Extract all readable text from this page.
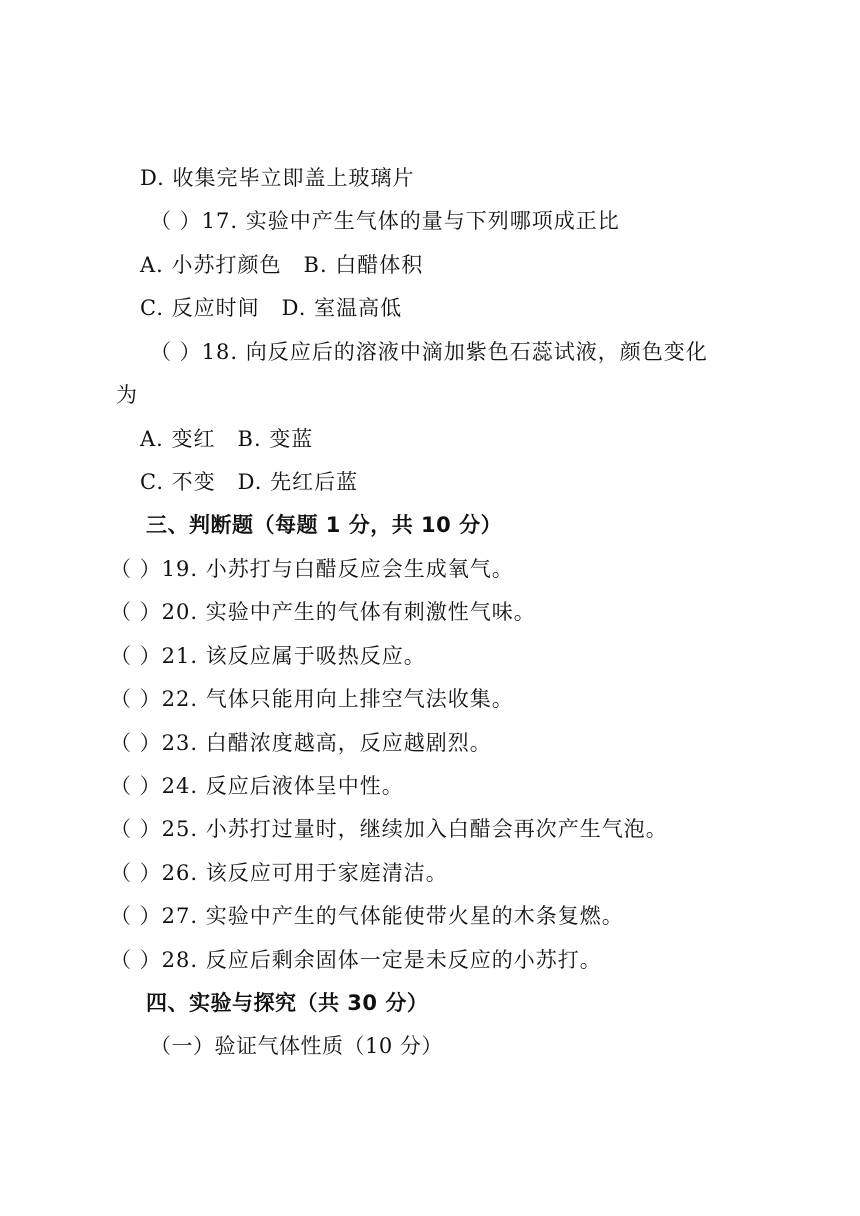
D. 收集完毕立即盖上玻璃片
（ ）17. 实验中产生气体的量与下列哪项成正比
A. 小苏打颜色　B. 白醋体积
C. 反应时间　D. 室温高低
（ ）18. 向反应后的溶液中滴加紫色石蕊试液，颜色变化
为
A. 变红　B. 变蓝
C. 不变　D. 先红后蓝
三、判断题（每题 1 分，共 10 分）
（ ）19. 小苏打与白醋反应会生成氧气。
（ ）20. 实验中产生的气体有刺激性气味。
（ ）21. 该反应属于吸热反应。
（ ）22. 气体只能用向上排空气法收集。
（ ）23. 白醋浓度越高，反应越剧烈。
（ ）24. 反应后液体呈中性。
（ ）25. 小苏打过量时，继续加入白醋会再次产生气泡。
（ ）26. 该反应可用于家庭清洁。
（ ）27. 实验中产生的气体能使带火星的木条复燃。
（ ）28. 反应后剩余固体一定是未反应的小苏打。
四、实验与探究（共 30 分）
（一）验证气体性质（10 分）
